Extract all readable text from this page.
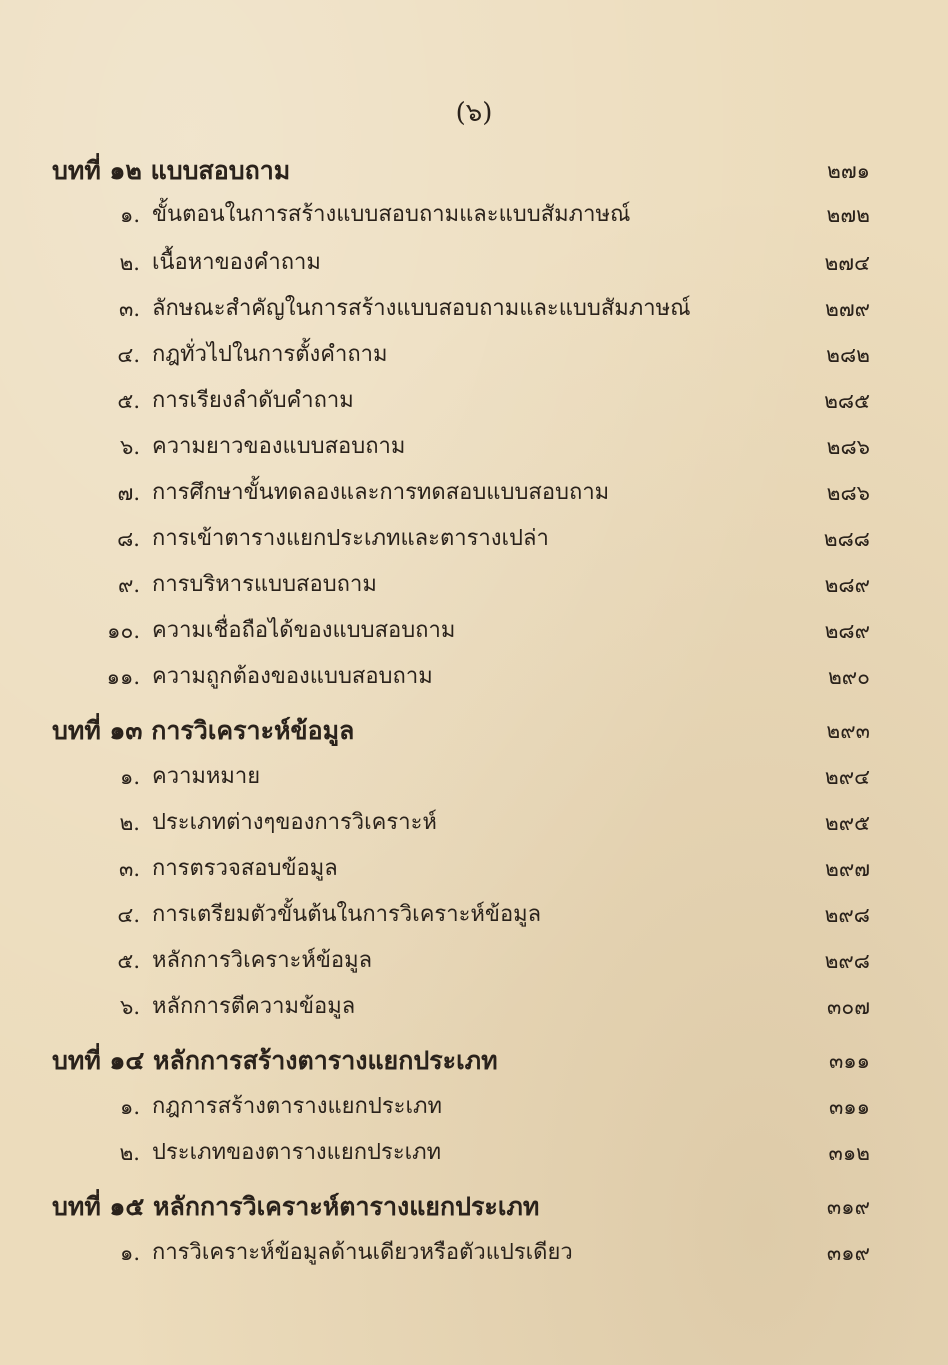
(๖)
บทที่ ๑๒ แบบสอบถาม	๒๗๑
๑. ขั้นตอนในการสร้างแบบสอบถามและแบบสัมภาษณ์	๒๗๒
๒. เนื้อหาของคำถาม	๒๗๔
๓. ลักษณะสำคัญในการสร้างแบบสอบถามและแบบสัมภาษณ์	๒๗๙
๔. กฎทั่วไปในการตั้งคำถาม	๒๘๒
๕. การเรียงลำดับคำถาม	๒๘๕
๖. ความยาวของแบบสอบถาม	๒๘๖
๗. การศึกษาขั้นทดลองและการทดสอบแบบสอบถาม	๒๘๖
๘. การเข้าตารางแยกประเภทและตารางเปล่า	๒๘๘
๙. การบริหารแบบสอบถาม	๒๘๙
๑๐. ความเชื่อถือได้ของแบบสอบถาม	๒๘๙
๑๑. ความถูกต้องของแบบสอบถาม	๒๙๐
บทที่ ๑๓ การวิเคราะห์ข้อมูล	๒๙๓
๑. ความหมาย	๒๙๔
๒. ประเภทต่างๆของการวิเคราะห์	๒๙๕
๓. การตรวจสอบข้อมูล	๒๙๗
๔. การเตรียมตัวขั้นต้นในการวิเคราะห์ข้อมูล	๒๙๘
๕. หลักการวิเคราะห์ข้อมูล	๒๙๘
๖. หลักการตีความข้อมูล	๓๐๗
บทที่ ๑๔ หลักการสร้างตารางแยกประเภท	๓๑๑
๑. กฎการสร้างตารางแยกประเภท	๓๑๑
๒. ประเภทของตารางแยกประเภท	๓๑๒
บทที่ ๑๕ หลักการวิเคราะห์ตารางแยกประเภท	๓๑๙
๑. การวิเคราะห์ข้อมูลด้านเดียวหรือตัวแปรเดียว	๓๑๙
